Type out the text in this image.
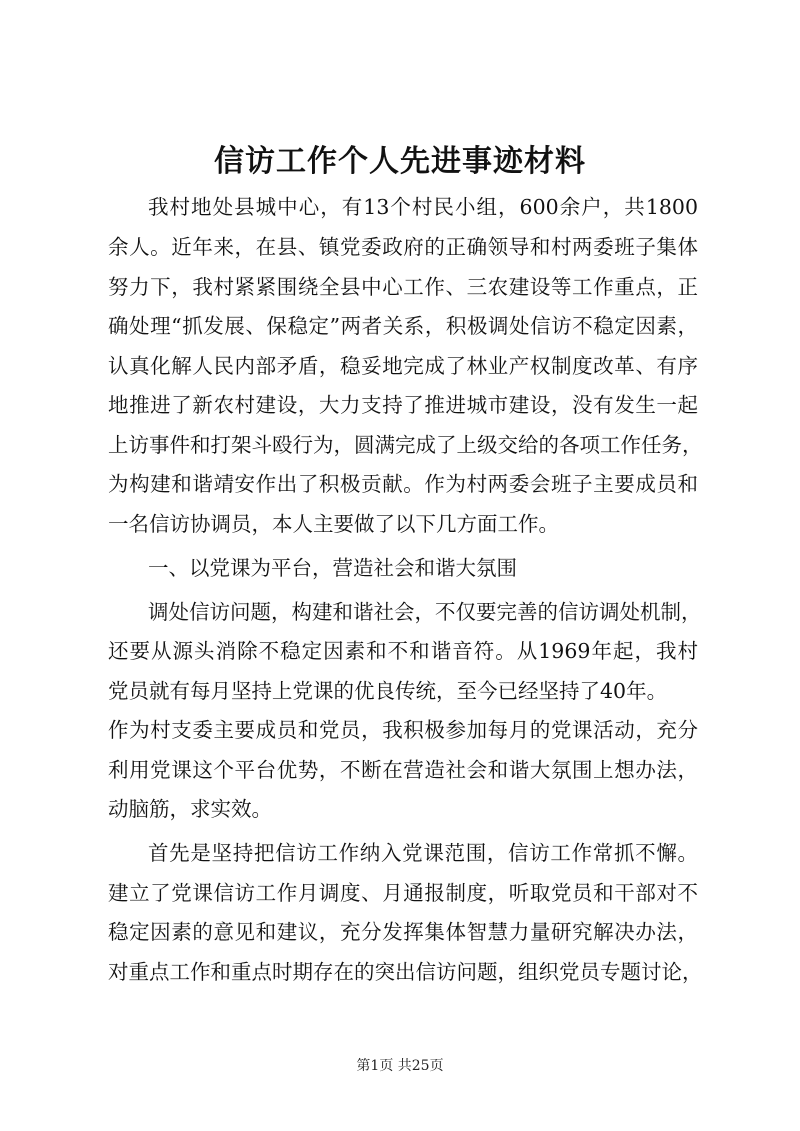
信访工作个人先进事迹材料
我村地处县城中心，有13个村民小组，600余户，共1800
余人。近年来，在县、镇党委政府的正确领导和村两委班子集体
努力下，我村紧紧围绕全县中心工作、三农建设等工作重点，正
确处理“抓发展、保稳定”两者关系，积极调处信访不稳定因素，
认真化解人民内部矛盾，稳妥地完成了林业产权制度改革、有序
地推进了新农村建设，大力支持了推进城市建设，没有发生一起
上访事件和打架斗殴行为，圆满完成了上级交给的各项工作任务，
为构建和谐靖安作出了积极贡献。作为村两委会班子主要成员和
一名信访协调员，本人主要做了以下几方面工作。
一、以党课为平台，营造社会和谐大氛围
调处信访问题，构建和谐社会，不仅要完善的信访调处机制，
还要从源头消除不稳定因素和不和谐音符。从1969年起，我村
党员就有每月坚持上党课的优良传统，至今已经坚持了40年。
作为村支委主要成员和党员，我积极参加每月的党课活动，充分
利用党课这个平台优势，不断在营造社会和谐大氛围上想办法，
动脑筋，求实效。
首先是坚持把信访工作纳入党课范围，信访工作常抓不懈。
建立了党课信访工作月调度、月通报制度，听取党员和干部对不
稳定因素的意见和建议，充分发挥集体智慧力量研究解决办法，
对重点工作和重点时期存在的突出信访问题，组织党员专题讨论，
第1页 共25页
